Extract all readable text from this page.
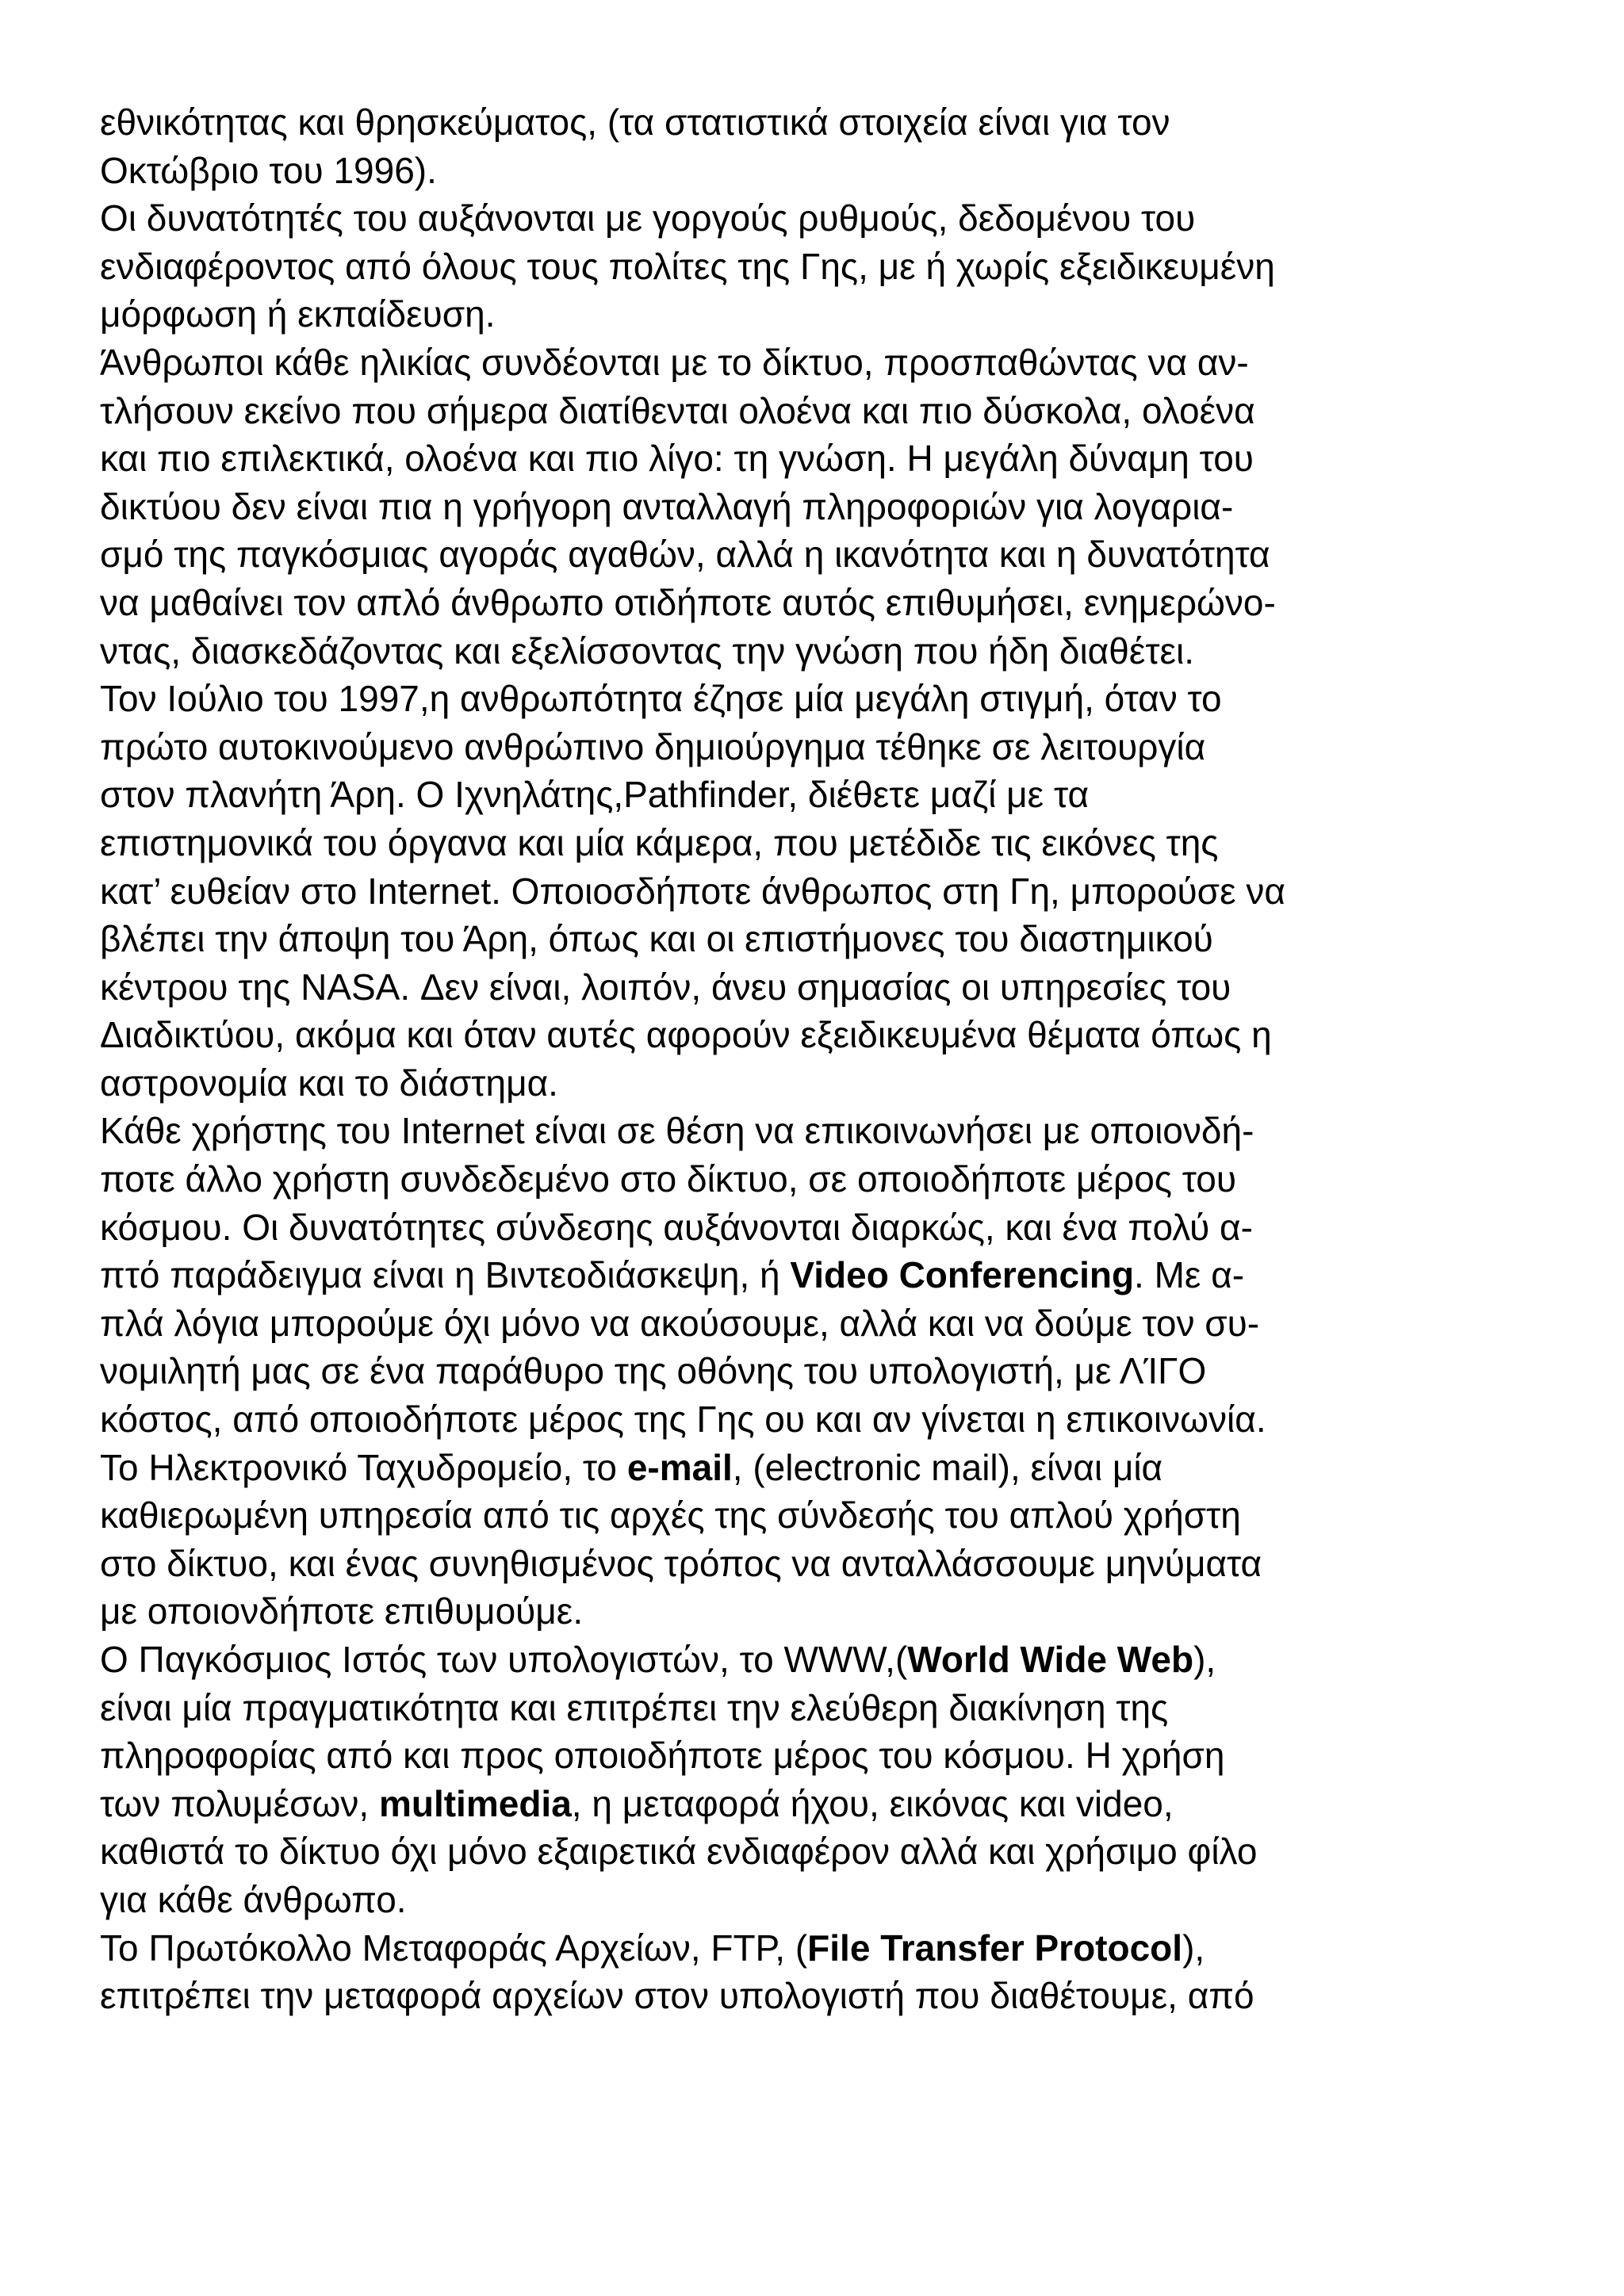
εθνικότητας και θρησκεύματος, (τα στατιστικά στοιχεία είναι για τον
Οκτώβριο του 1996).
Οι δυνατότητές του αυξάνονται με γοργούς ρυθμούς, δεδομένου του
ενδιαφέροντος από όλους τους πολίτες της Γης, με ή χωρίς εξειδικευμένη
μόρφωση ή εκπαίδευση.
Άνθρωποι κάθε ηλικίας συνδέονται με το δίκτυο, προσπαθώντας να αν-
τλήσουν εκείνο που σήμερα διατίθενται ολοένα και πιο δύσκολα, ολοένα
και πιο επιλεκτικά, ολοένα και πιο λίγο: τη γνώση. Η μεγάλη δύναμη του
δικτύου δεν είναι πια η γρήγορη ανταλλαγή πληροφοριών για λογαρια-
σμό της παγκόσμιας αγοράς αγαθών, αλλά η ικανότητα και η δυνατότητα
να μαθαίνει τον απλό άνθρωπο οτιδήποτε αυτός επιθυμήσει, ενημερώνο-
ντας, διασκεδάζοντας και εξελίσσοντας την γνώση που ήδη διαθέτει.
Τον Ιούλιο του 1997,η ανθρωπότητα έζησε μία μεγάλη στιγμή, όταν το
πρώτο αυτοκινούμενο ανθρώπινο δημιούργημα τέθηκε σε λειτουργία
στον πλανήτη Άρη. Ο Ιχνηλάτης,Pathfinder, διέθετε μαζί με τα
επιστημονικά του όργανα και μία κάμερα, που μετέδιδε τις εικόνες της
κατ’ ευθείαν στο Internet. Οποιοσδήποτε άνθρωπος στη Γη, μπορούσε να
βλέπει την άποψη του Άρη, όπως και οι επιστήμονες του διαστημικού
κέντρου της NASA. Δεν είναι, λοιπόν, άνευ σημασίας οι υπηρεσίες του
Διαδικτύου, ακόμα και όταν αυτές αφορούν εξειδικευμένα θέματα όπως η
αστρονομία και το διάστημα.
Κάθε χρήστης του Internet είναι σε θέση να επικοινωνήσει με οποιονδή-
ποτε άλλο χρήστη συνδεδεμένο στο δίκτυο, σε οποιοδήποτε μέρος του
κόσμου. Οι δυνατότητες σύνδεσης αυξάνονται διαρκώς, και ένα πολύ α-
πτό παράδειγμα είναι η Βιντεοδιάσκεψη, ή Video Conferencing. Με α-
πλά λόγια μπορούμε όχι μόνο να ακούσουμε, αλλά και να δούμε τον συ-
νομιλητή μας σε ένα παράθυρο της οθόνης του υπολογιστή, με ΛΊΓΟ
κόστος, από οποιοδήποτε μέρος της Γης ου και αν γίνεται η επικοινωνία.
Το Ηλεκτρονικό Ταχυδρομείο, το e-mail, (electronic mail), είναι μία
καθιερωμένη υπηρεσία από τις αρχές της σύνδεσής του απλού χρήστη
στο δίκτυο, και ένας συνηθισμένος τρόπος να ανταλλάσσουμε μηνύματα
με οποιονδήποτε επιθυμούμε.
Ο Παγκόσμιος Ιστός των υπολογιστών, το WWW,(World Wide Web),
είναι μία πραγματικότητα και επιτρέπει την ελεύθερη διακίνηση της
πληροφορίας από και προς οποιοδήποτε μέρος του κόσμου. Η χρήση
των πολυμέσων, multimedia, η μεταφορά ήχου, εικόνας και video,
καθιστά το δίκτυο όχι μόνο εξαιρετικά ενδιαφέρον αλλά και χρήσιμο φίλο
για κάθε άνθρωπο.
Το Πρωτόκολλο Μεταφοράς Αρχείων, FTP, (File Transfer Protocol),
επιτρέπει την μεταφορά αρχείων στον υπολογιστή που διαθέτουμε, από
